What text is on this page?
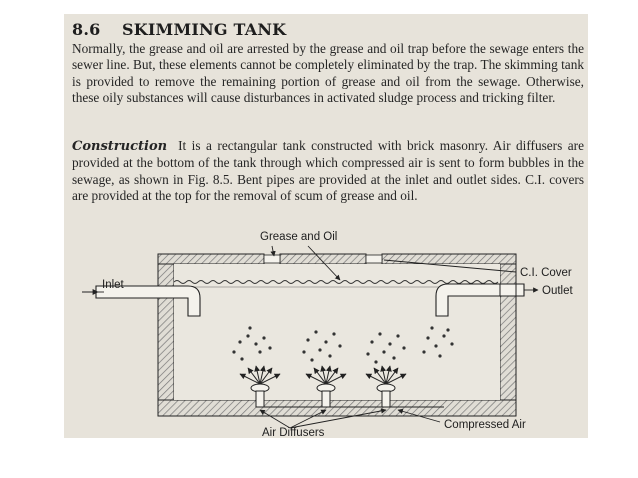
8.6 SKIMMING TANK

Normally, the grease and oil are arrested by the grease and oil trap before the sewage enters the sewer line. But, these elements cannot be completely eliminated by the trap. The skimming tank is provided to remove the remaining portion of grease and oil from the sewage. Otherwise, these oily substances will cause disturbances in activated sludge process and tricking filter.

Construction It is a rectangular tank constructed with brick masonry. Air diffusers are provided at the bottom of the tank through which compressed air is sent to form bubbles in the sewage, as shown in Fig. 8.5. Bent pipes are provided at the inlet and outlet sides. C.I. covers are provided at the top for the removal of scum of grease and oil.

Grease and Oil
C.I. Cover
Inlet	Outlet
Compressed Air
Air Diffusers
